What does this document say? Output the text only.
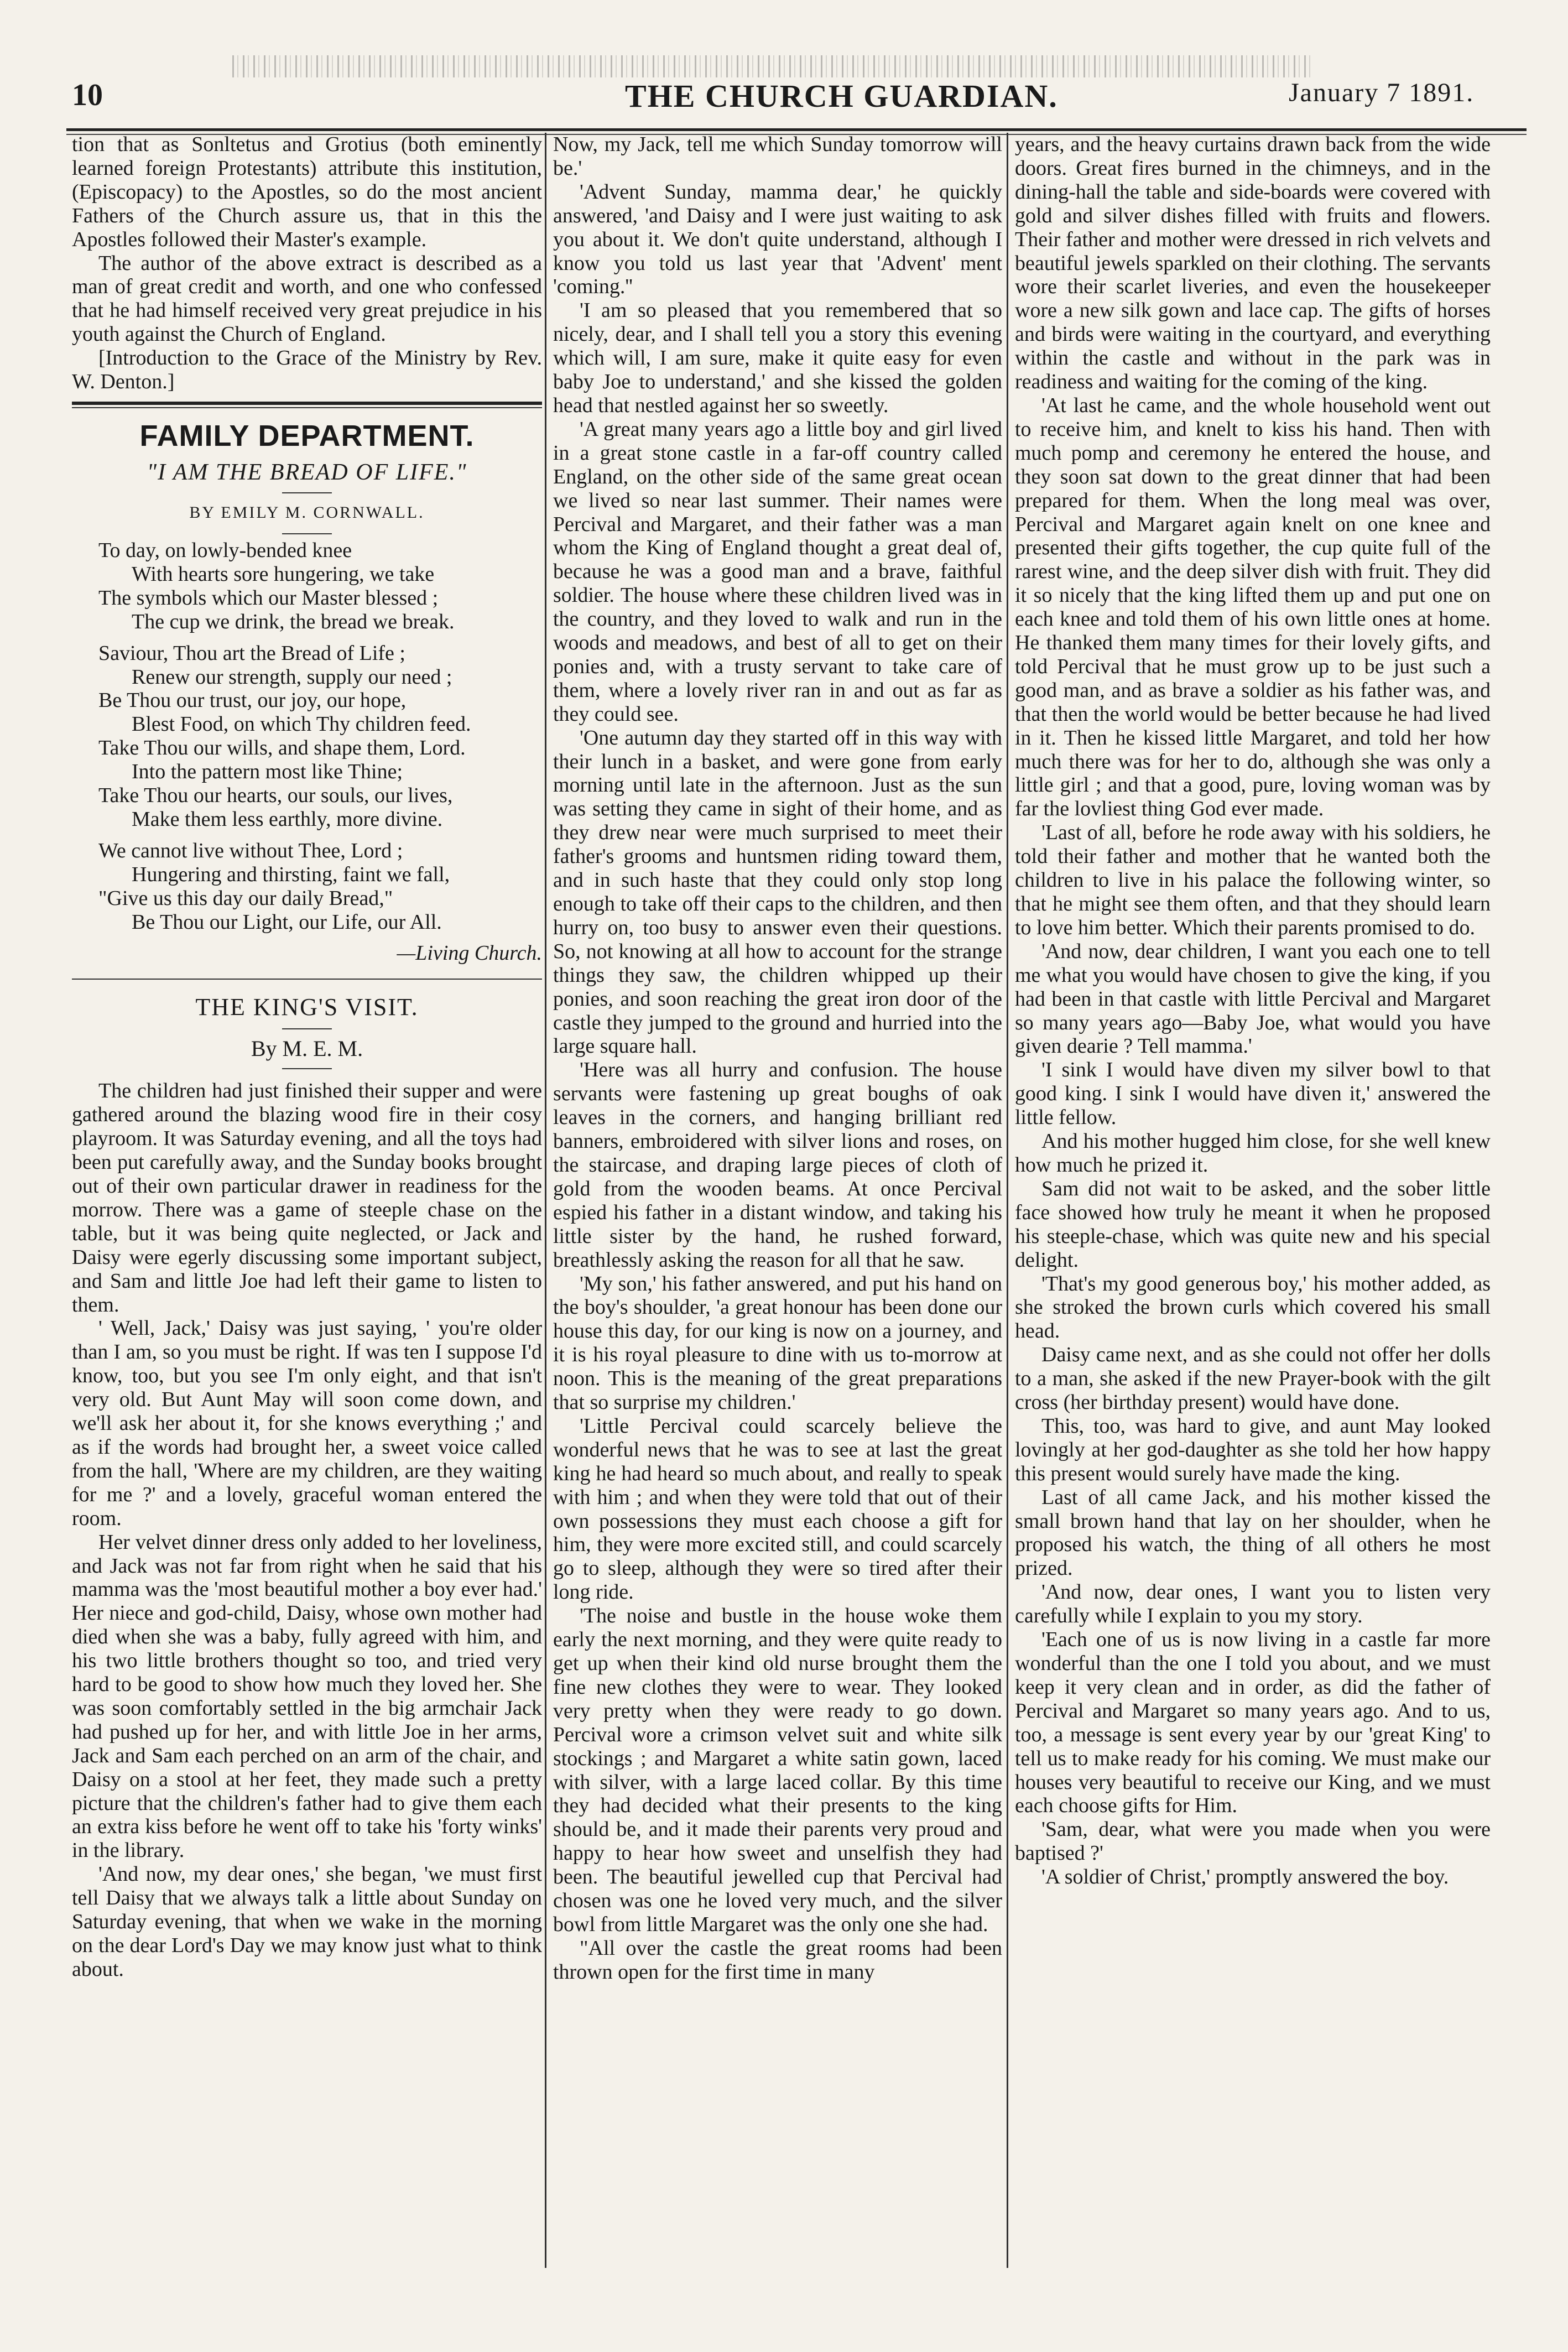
10	THE CHURCH GUARDIAN.	January 7 1891.

tion that as Sonltetus and Grotius (both eminently learned foreign Protestants) attribute this institution, (Episcopacy) to the Apostles, so do the most ancient Fathers of the Church assure us, that in this the Apostles followed their Master's example.

The author of the above extract is described as a man of great credit and worth, and one who confessed that he had himself received very great prejudice in his youth against the Church of England.

[Introduction to the Grace of the Ministry by Rev. W. Denton.]

FAMILY DEPARTMENT.
"I AM THE BREAD OF LIFE."
BY EMILY M. CORNWALL.

To day, on lowly-bended knee

With hearts sore hungering, we take

The symbols which our Master blessed ;

The cup we drink, the bread we break.

Saviour, Thou art the Bread of Life ;

Renew our strength, supply our need ;

Be Thou our trust, our joy, our hope,

Blest Food, on which Thy children feed.

Take Thou our wills, and shape them, Lord.

Into the pattern most like Thine;

Take Thou our hearts, our souls, our lives,

Make them less earthly, more divine.

We cannot live without Thee, Lord ;

Hungering and thirsting, faint we fall,

"Give us this day our daily Bread,"

Be Thou our Light, our Life, our All.

—Living Church.

THE KING'S VISIT.
By M. E. M.

The children had just finished their supper and were gathered around the blazing wood fire in their cosy playroom. It was Saturday evening, and all the toys had been put carefully away, and the Sunday books brought out of their own particular drawer in readiness for the morrow. There was a game of steeple chase on the table, but it was being quite neglected, or Jack and Daisy were egerly discussing some important subject, and Sam and little Joe had left their game to listen to them.

' Well, Jack,' Daisy was just saying, ' you're older than I am, so you must be right. If was ten I suppose I'd know, too, but you see I'm only eight, and that isn't very old. But Aunt May will soon come down, and we'll ask her about it, for she knows everything ;' and as if the words had brought her, a sweet voice called from the hall, 'Where are my children, are they waiting for me ?' and a lovely, graceful woman entered the room.

Her velvet dinner dress only added to her loveliness, and Jack was not far from right when he said that his mamma was the 'most beautiful mother a boy ever had.' Her niece and god-child, Daisy, whose own mother had died when she was a baby, fully agreed with him, and his two little brothers thought so too, and tried very hard to be good to show how much they loved her. She was soon comfortably settled in the big armchair Jack had pushed up for her, and with little Joe in her arms, Jack and Sam each perched on an arm of the chair, and Daisy on a stool at her feet, they made such a pretty picture that the children's father had to give them each an extra kiss before he went off to take his 'forty winks' in the library.

'And now, my dear ones,' she began, 'we must first tell Daisy that we always talk a little about Sunday on Saturday evening, that when we wake in the morning on the dear Lord's Day we may know just what to think about.

Now, my Jack, tell me which Sunday tomorrow will be.'

'Advent Sunday, mamma dear,' he quickly answered, 'and Daisy and I were just waiting to ask you about it. We don't quite understand, although I know you told us last year that 'Advent' ment 'coming.''

'I am so pleased that you remembered that so nicely, dear, and I shall tell you a story this evening which will, I am sure, make it quite easy for even baby Joe to understand,' and she kissed the golden head that nestled against her so sweetly.

'A great many years ago a little boy and girl lived in a great stone castle in a far-off country called England, on the other side of the same great ocean we lived so near last summer. Their names were Percival and Margaret, and their father was a man whom the King of England thought a great deal of, because he was a good man and a brave, faithful soldier. The house where these children lived was in the country, and they loved to walk and run in the woods and meadows, and best of all to get on their ponies and, with a trusty servant to take care of them, where a lovely river ran in and out as far as they could see.

'One autumn day they started off in this way with their lunch in a basket, and were gone from early morning until late in the afternoon. Just as the sun was setting they came in sight of their home, and as they drew near were much surprised to meet their father's grooms and huntsmen riding toward them, and in such haste that they could only stop long enough to take off their caps to the children, and then hurry on, too busy to answer even their questions. So, not knowing at all how to account for the strange things they saw, the children whipped up their ponies, and soon reaching the great iron door of the castle they jumped to the ground and hurried into the large square hall.

'Here was all hurry and confusion. The house servants were fastening up great boughs of oak leaves in the corners, and hanging brilliant red banners, embroidered with silver lions and roses, on the staircase, and draping large pieces of cloth of gold from the wooden beams. At once Percival espied his father in a distant window, and taking his little sister by the hand, he rushed forward, breathlessly asking the reason for all that he saw.

'My son,' his father answered, and put his hand on the boy's shoulder, 'a great honour has been done our house this day, for our king is now on a journey, and it is his royal pleasure to dine with us to-morrow at noon. This is the meaning of the great preparations that so surprise my children.'

'Little Percival could scarcely believe the wonderful news that he was to see at last the great king he had heard so much about, and really to speak with him ; and when they were told that out of their own possessions they must each choose a gift for him, they were more excited still, and could scarcely go to sleep, although they were so tired after their long ride.

'The noise and bustle in the house woke them early the next morning, and they were quite ready to get up when their kind old nurse brought them the fine new clothes they were to wear. They looked very pretty when they were ready to go down. Percival wore a crimson velvet suit and white silk stockings ; and Margaret a white satin gown, laced with silver, with a large laced collar. By this time they had decided what their presents to the king should be, and it made their parents very proud and happy to hear how sweet and unselfish they had been. The beautiful jewelled cup that Percival had chosen was one he loved very much, and the silver bowl from little Margaret was the only one she had.

"All over the castle the great rooms had been thrown open for the first time in many

years, and the heavy curtains drawn back from the wide doors. Great fires burned in the chimneys, and in the dining-hall the table and side-boards were covered with gold and silver dishes filled with fruits and flowers. Their father and mother were dressed in rich velvets and beautiful jewels sparkled on their clothing. The servants wore their scarlet liveries, and even the housekeeper wore a new silk gown and lace cap. The gifts of horses and birds were waiting in the courtyard, and everything within the castle and without in the park was in readiness and waiting for the coming of the king.

'At last he came, and the whole household went out to receive him, and knelt to kiss his hand. Then with much pomp and ceremony he entered the house, and they soon sat down to the great dinner that had been prepared for them. When the long meal was over, Percival and Margaret again knelt on one knee and presented their gifts together, the cup quite full of the rarest wine, and the deep silver dish with fruit. They did it so nicely that the king lifted them up and put one on each knee and told them of his own little ones at home. He thanked them many times for their lovely gifts, and told Percival that he must grow up to be just such a good man, and as brave a soldier as his father was, and that then the world would be better because he had lived in it. Then he kissed little Margaret, and told her how much there was for her to do, although she was only a little girl ; and that a good, pure, loving woman was by far the lovliest thing God ever made.

'Last of all, before he rode away with his soldiers, he told their father and mother that he wanted both the children to live in his palace the following winter, so that he might see them often, and that they should learn to love him better. Which their parents promised to do.

'And now, dear children, I want you each one to tell me what you would have chosen to give the king, if you had been in that castle with little Percival and Margaret so many years ago—Baby Joe, what would you have given dearie ? Tell mamma.'

'I sink I would have diven my silver bowl to that good king. I sink I would have diven it,' answered the little fellow.

And his mother hugged him close, for she well knew how much he prized it.

Sam did not wait to be asked, and the sober little face showed how truly he meant it when he proposed his steeple-chase, which was quite new and his special delight.

'That's my good generous boy,' his mother added, as she stroked the brown curls which covered his small head.

Daisy came next, and as she could not offer her dolls to a man, she asked if the new Prayer-book with the gilt cross (her birthday present) would have done.

This, too, was hard to give, and aunt May looked lovingly at her god-daughter as she told her how happy this present would surely have made the king.

Last of all came Jack, and his mother kissed the small brown hand that lay on her shoulder, when he proposed his watch, the thing of all others he most prized.

'And now, dear ones, I want you to listen very carefully while I explain to you my story.

'Each one of us is now living in a castle far more wonderful than the one I told you about, and we must keep it very clean and in order, as did the father of Percival and Margaret so many years ago. And to us, too, a message is sent every year by our 'great King' to tell us to make ready for his coming. We must make our houses very beautiful to receive our King, and we must each choose gifts for Him.

'Sam, dear, what were you made when you were baptised ?'

'A soldier of Christ,' promptly answered the boy.
